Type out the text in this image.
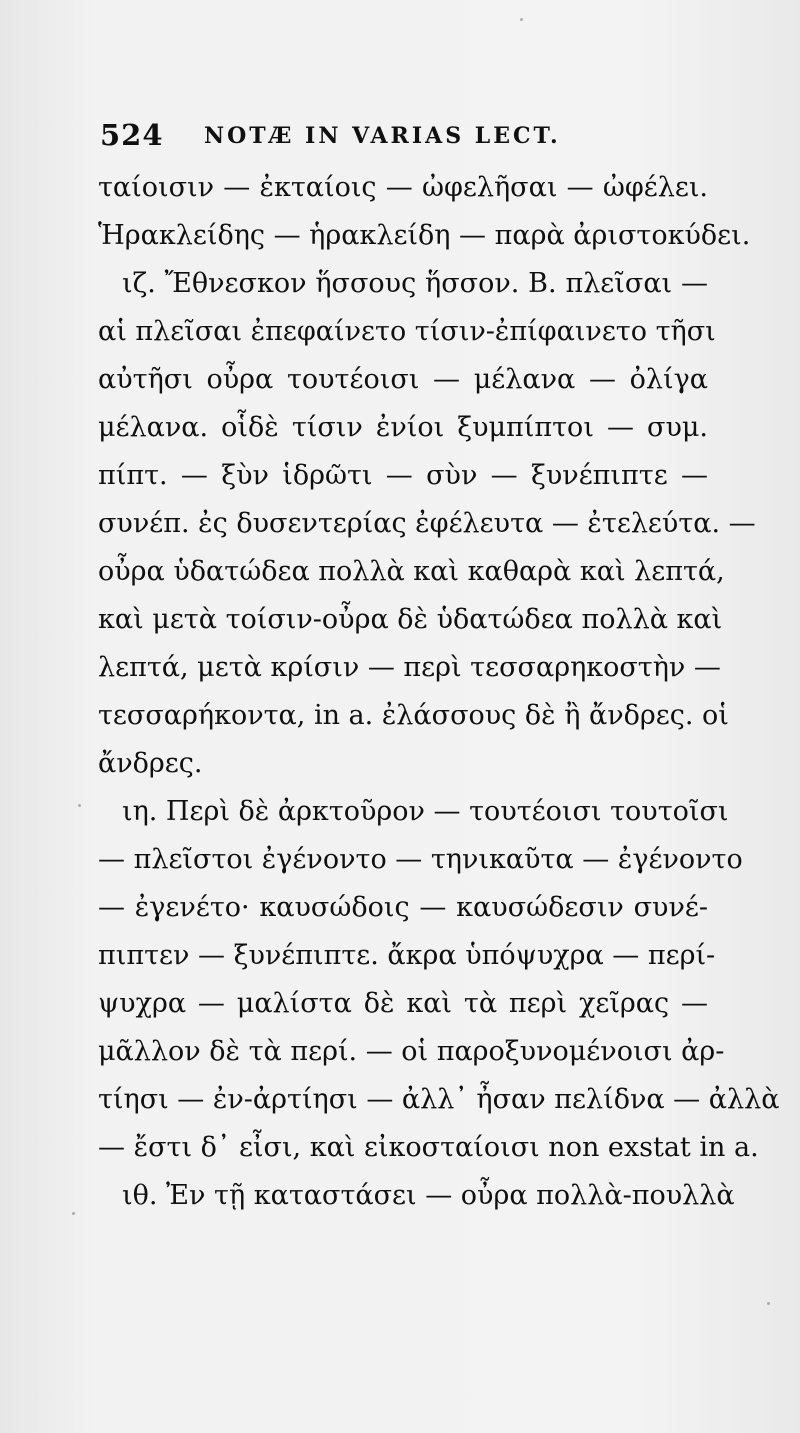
524 NOTÆ IN VARIAS LECT.
ταίοισιν — ἐκταίοις — ὠφελῆσαι — ὠφέλει.
Ἡρακλείδης — ἡρακλείδη — παρὰ ἀριστοκύδει.
ιζ. Ἔθνεσκον ἥσσους ἥσσον. B. πλεῖσαι —
αἱ πλεῖσαι ἐπεφαίνετο τίσιν-ἐπίφαινετο τῆσι
αὐτῆσι οὖρα τουτέοισι — μέλανα — ὀλίγα
μέλανα. οἷδὲ τίσιν ἐνίοι ξυμπίπτοι — συμ.
πίπτ. — ξὺν ἱδρῶτι — σὺν — ξυνέπιπτε —
συνέπ. ἐς δυσεντερίας ἐφέλευτα — ἐτελεύτα. —
οὖρα ὑδατώδεα πολλὰ καὶ καθαρὰ καὶ λεπτά,
καὶ μετὰ τοίσιν-οὖρα δὲ ὑδατώδεα πολλὰ καὶ
λεπτά, μετὰ κρίσιν — περὶ τεσσαρηκοστὴν —
τεσσαρήκοντα, in a. ἐλάσσους δὲ ἢ ἄνδρες. οἱ
ἄνδρες.
ιη. Περὶ δὲ ἀρκτοῦρον — τουτέοισι τουτοῖσι
— πλεῖστοι ἐγένοντο — τηνικαῦτα — ἐγένοντο
— ἐγενέτο· καυσώδοις — καυσώδεσιν συνέ-
πιπτεν — ξυνέπιπτε. ἄκρα ὑπόψυχρα — περί-
ψυχρα — μαλίστα δὲ καὶ τὰ περὶ χεῖρας —
μᾶλλον δὲ τὰ περί. — οἱ παροξυνομένοισι ἀρ-
τίησι — ἐν-ἀρτίησι — ἀλλ᾽ ἦσαν πελίδνα — ἀλλὰ
— ἔστι δ᾽ εἶσι, καὶ εἰκοσταίοισι non exstat in a.
ιθ. Ἐν τῇ καταστάσει — οὖρα πολλὰ-πουλλὰ
